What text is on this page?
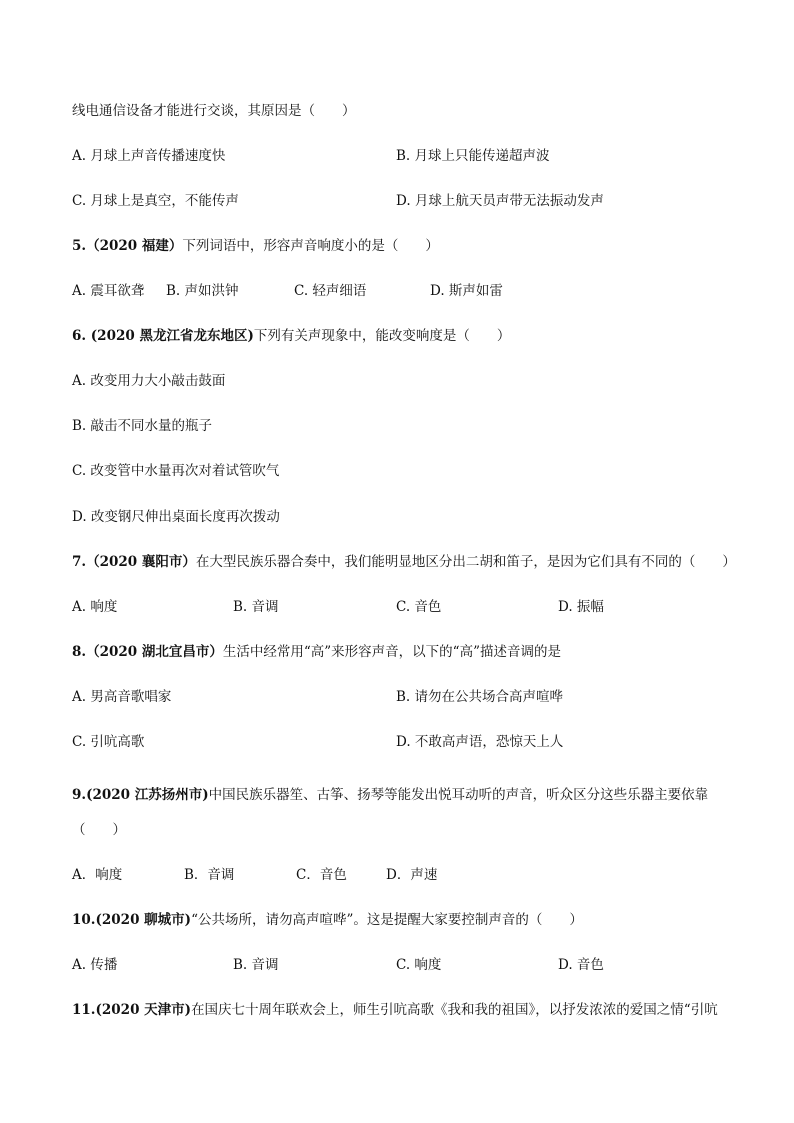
线电通信设备才能进行交谈，其原因是（　　）
A. 月球上声音传播速度快	B. 月球上只能传递超声波
C. 月球上是真空，不能传声	D. 月球上航天员声带无法振动发声
5.（2020 福建）下列词语中，形容声音响度小的是（　　）
A. 震耳欲聋 B. 声如洪钟	C. 轻声细语	D. 斯声如雷
6. (2020 黑龙江省龙东地区)下列有关声现象中，能改变响度是（　　）
A. 改变用力大小敲击鼓面
B. 敲击不同水量的瓶子
C. 改变管中水量再次对着试管吹气
D. 改变钢尺伸出桌面长度再次拨动
7.（2020 襄阳市）在大型民族乐器合奏中，我们能明显地区分出二胡和笛子，是因为它们具有不同的（　　）
A. 响度	B. 音调	C. 音色	D. 振幅
8.（2020 湖北宜昌市）生活中经常用“高”来形容声音，以下的“高”描述音调的是
A. 男高音歌唱家	B. 请勿在公共场合高声喧哗
C. 引吭高歌	D. 不敢高声语，恐惊天上人
9.(2020 江苏扬州市)中国民族乐器笙、古筝、扬琴等能发出悦耳动听的声音，听众区分这些乐器主要依靠
（　　）
A．响度	B．音调	C．音色	D．声速
10.(2020 聊城市)“公共场所，请勿高声喧哗”。这是提醒大家要控制声音的（　　）
A. 传播	B. 音调	C. 响度	D. 音色
11.(2020 天津市)在国庆七十周年联欢会上，师生引吭高歌《我和我的祖国》，以抒发浓浓的爱国之情“引吭
